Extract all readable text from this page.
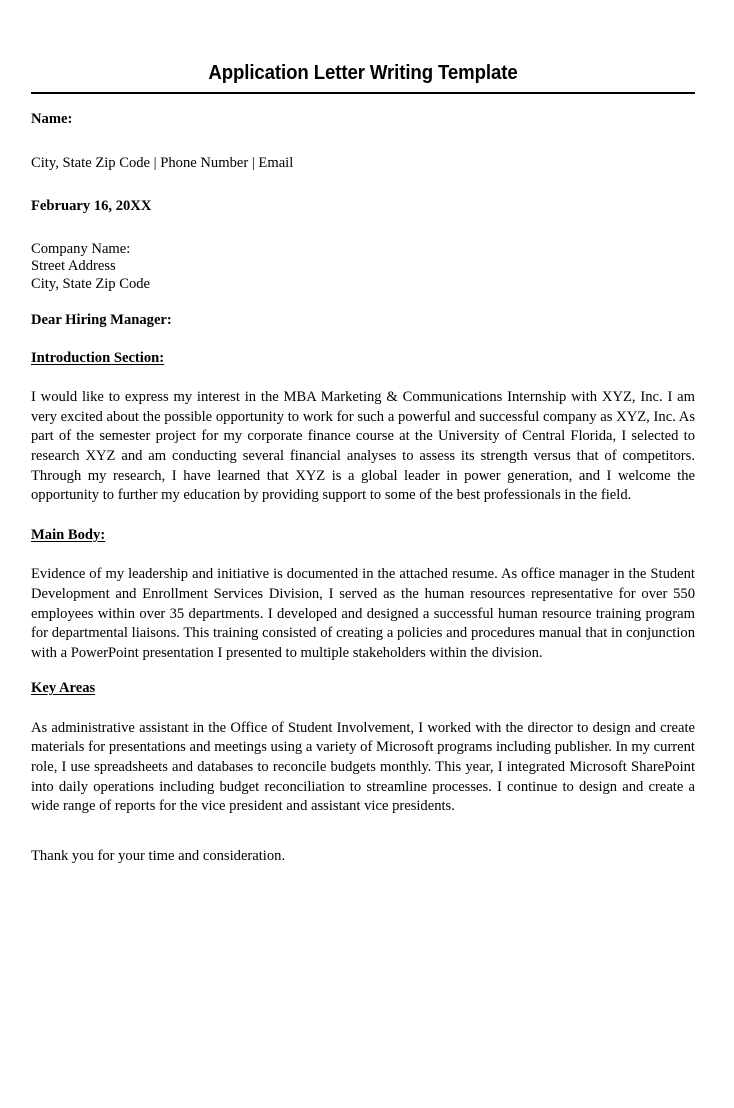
Application Letter Writing Template
Name:
City, State Zip Code | Phone Number | Email
February 16, 20XX
Company Name:
Street Address
City, State Zip Code
Dear Hiring Manager:
Introduction Section:

I would like to express my interest in the MBA Marketing & Communications Internship with XYZ, Inc. I am very excited about the possible opportunity to work for such a powerful and successful company as XYZ, Inc. As part of the semester project for my corporate finance course at the University of Central Florida, I selected to research XYZ and am conducting several financial analyses to assess its strength versus that of competitors. Through my research, I have learned that XYZ is a global leader in power generation, and I welcome the opportunity to further my education by providing support to some of the best professionals in the field.

Main Body:

Evidence of my leadership and initiative is documented in the attached resume. As office manager in the Student Development and Enrollment Services Division, I served as the human resources representative for over 550 employees within over 35 departments. I developed and designed a successful human resource training program for departmental liaisons. This training consisted of creating a policies and procedures manual that in conjunction with a PowerPoint presentation I presented to multiple stakeholders within the division.

Key Areas

As administrative assistant in the Office of Student Involvement, I worked with the director to design and create materials for presentations and meetings using a variety of Microsoft programs including publisher. In my current role, I use spreadsheets and databases to reconcile budgets monthly. This year, I integrated Microsoft SharePoint into daily operations including budget reconciliation to streamline processes. I continue to design and create a wide range of reports for the vice president and assistant vice presidents.

Thank you for your time and consideration.
